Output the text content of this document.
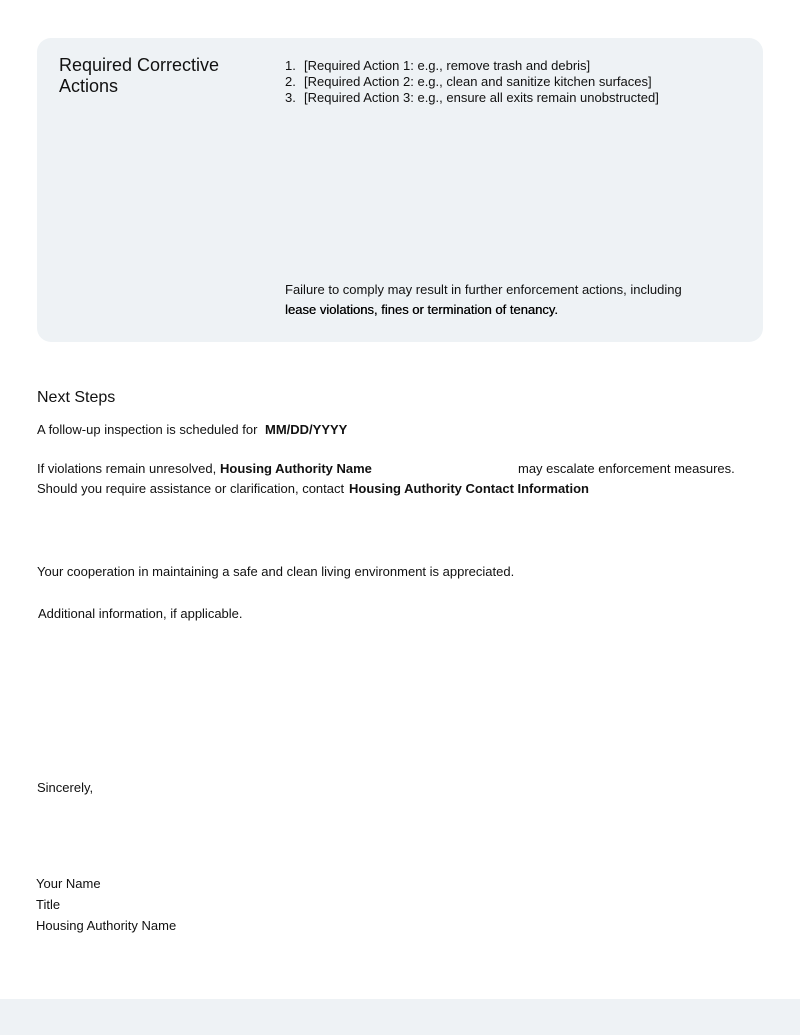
Required Corrective Actions
1. [Required Action 1: e.g., remove trash and debris]
2. [Required Action 2: e.g., clean and sanitize kitchen surfaces]
3. [Required Action 3: e.g., ensure all exits remain unobstructed]
Failure to comply may result in further enforcement actions, including
lease violations, fines or termination of tenancy.
Next Steps
A follow-up inspection is scheduled for MM/DD/YYYY
If violations remain unresolved, Housing Authority Name	may escalate enforcement measures.
Should you require assistance or clarification, contact Housing Authority Contact Information
Your cooperation in maintaining a safe and clean living environment is appreciated.
Additional information, if applicable.
Sincerely,
Your Name
Title
Housing Authority Name
